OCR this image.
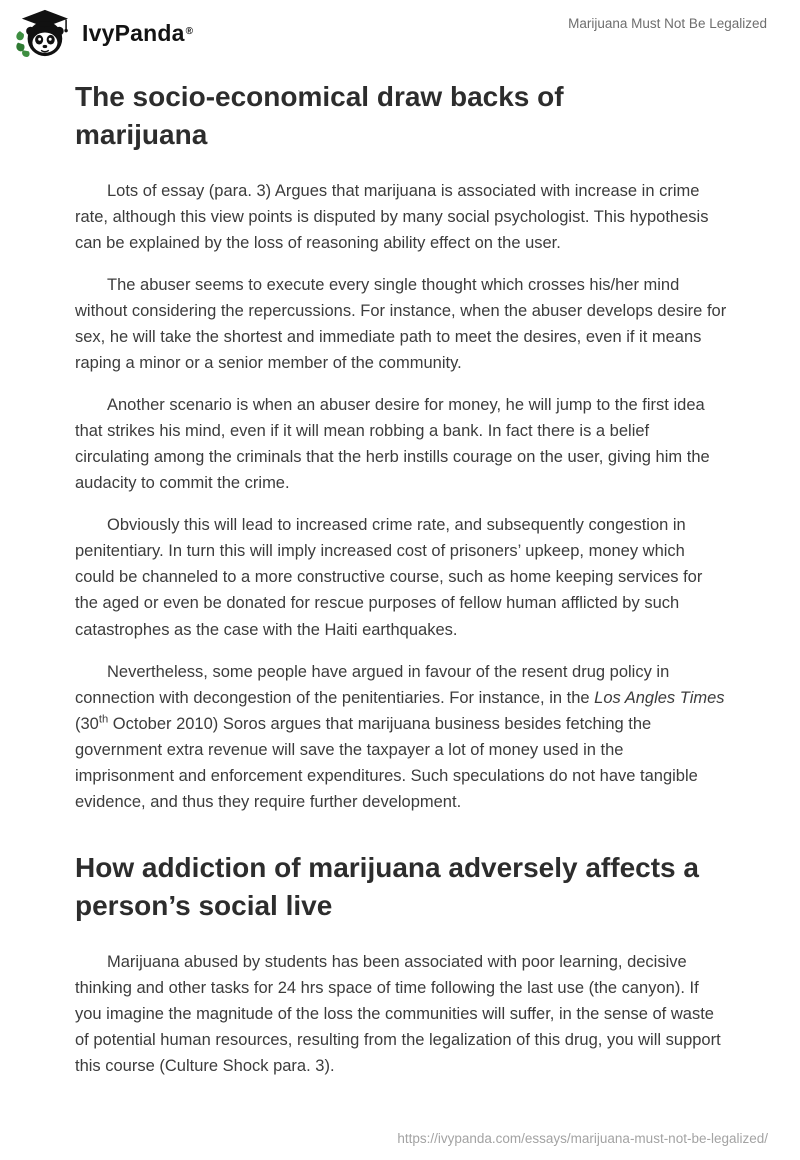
IvyPanda®
Marijuana Must Not Be Legalized
The socio-economical draw backs of marijuana

Lots of essay (para. 3) Argues that marijuana is associated with increase in crime rate, although this view points is disputed by many social psychologist. This hypothesis can be explained by the loss of reasoning ability effect on the user.

The abuser seems to execute every single thought which crosses his/her mind without considering the repercussions. For instance, when the abuser develops desire for sex, he will take the shortest and immediate path to meet the desires, even if it means raping a minor or a senior member of the community.

Another scenario is when an abuser desire for money, he will jump to the first idea that strikes his mind, even if it will mean robbing a bank. In fact there is a belief circulating among the criminals that the herb instills courage on the user, giving him the audacity to commit the crime.

Obviously this will lead to increased crime rate, and subsequently congestion in penitentiary. In turn this will imply increased cost of prisoners’ upkeep, money which could be channeled to a more constructive course, such as home keeping services for the aged or even be donated for rescue purposes of fellow human afflicted by such catastrophes as the case with the Haiti earthquakes.

Nevertheless, some people have argued in favour of the resent drug policy in connection with decongestion of the penitentiaries. For instance, in the Los Angles Times (30th October 2010) Soros argues that marijuana business besides fetching the government extra revenue will save the taxpayer a lot of money used in the imprisonment and enforcement expenditures. Such speculations do not have tangible evidence, and thus they require further development.

How addiction of marijuana adversely affects a person’s social live

Marijuana abused by students has been associated with poor learning, decisive thinking and other tasks for 24 hrs space of time following the last use (the canyon). If you imagine the magnitude of the loss the communities will suffer, in the sense of waste of potential human resources, resulting from the legalization of this drug, you will support this course (Culture Shock para. 3).

https://ivypanda.com/essays/marijuana-must-not-be-legalized/
